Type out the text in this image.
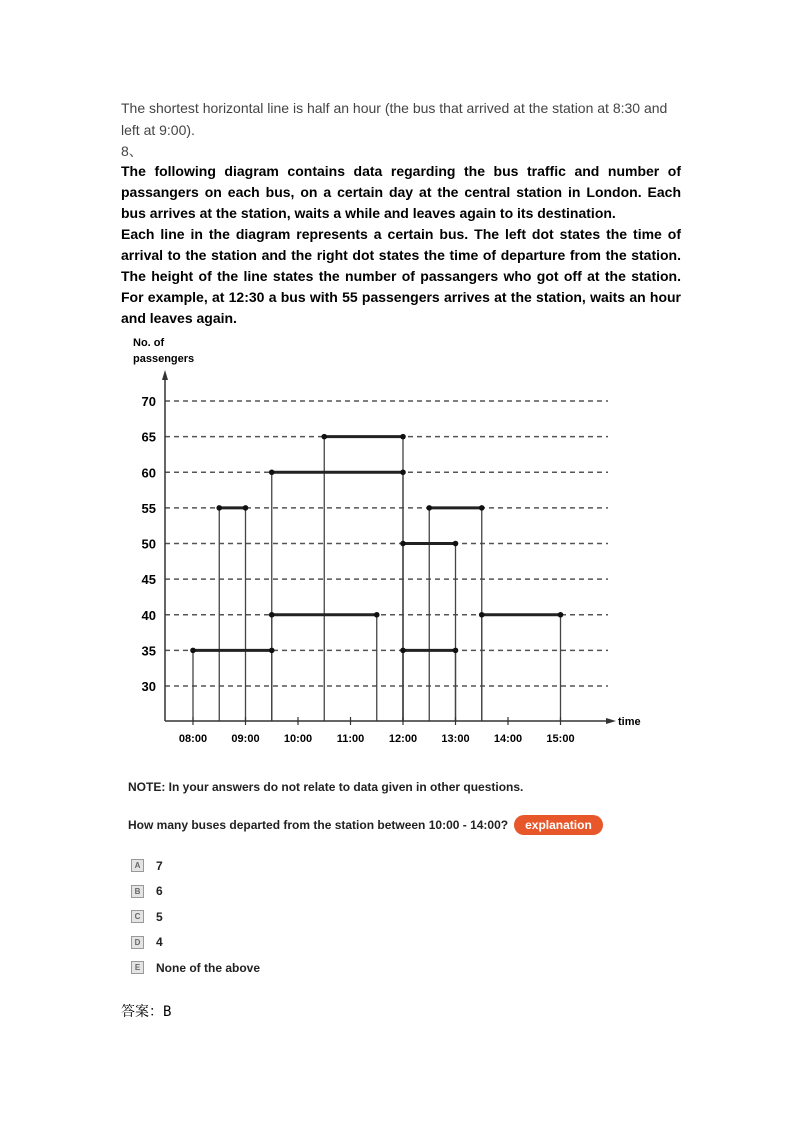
The shortest horizontal line is half an hour (the bus that arrived at the station at 8:30 and left at 9:00).
8、
The following diagram contains data regarding the bus traffic and number of passangers on each bus, on a certain day at the central station in London. Each bus arrives at the station, waits a while and leaves again to its destination.
Each line in the diagram represents a certain bus. The left dot states the time of arrival to the station and the right dot states the time of departure from the station. The height of the line states the number of passangers who got off at the station. For example, at 12:30 a bus with 55 passengers arrives at the station, waits an hour and leaves again.
No. of
passengers
time
30
35
40
45
50
55
60
65
70
08:00 09:00 10:00 11:00 12:00 13:00 14:00 15:00
NOTE: In your answers do not relate to data given in other questions.
How many buses departed from the station between 10:00 - 14:00?	explanation
A	7
B	6
C	5
D	4
E	None of the above
答案：B
